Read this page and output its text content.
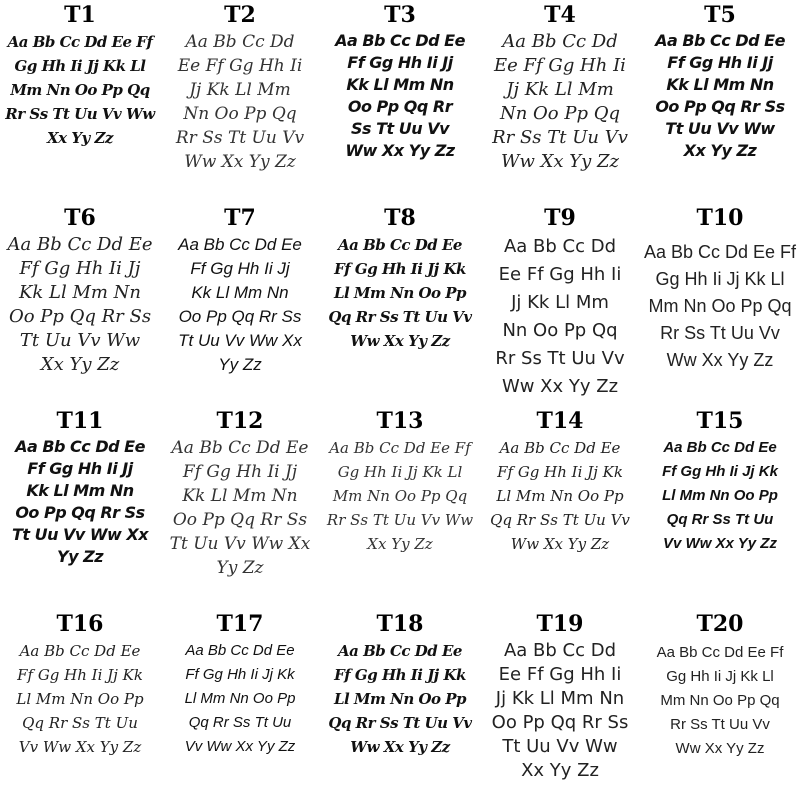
T1
Aa Bb Cc Dd Ee Ff
Gg Hh Ii Jj Kk Ll
Mm Nn Oo Pp Qq
Rr Ss Tt Uu Vv Ww
Xx Yy Zz
T2
Aa Bb Cc Dd
Ee Ff Gg Hh Ii
Jj Kk Ll Mm
Nn Oo Pp Qq
Rr Ss Tt Uu Vv
Ww Xx Yy Zz
T3
Aa Bb Cc Dd Ee
Ff Gg Hh Ii Jj
Kk Ll Mm Nn
Oo Pp Qq Rr
Ss Tt Uu Vv
Ww Xx Yy Zz
T4
Aa Bb Cc Dd
Ee Ff Gg Hh Ii
Jj Kk Ll Mm
Nn Oo Pp Qq
Rr Ss Tt Uu Vv
Ww Xx Yy Zz
T5
Aa Bb Cc Dd Ee
Ff Gg Hh Ii Jj
Kk Ll Mm Nn
Oo Pp Qq Rr Ss
Tt Uu Vv Ww
Xx Yy Zz
T6
Aa Bb Cc Dd Ee
Ff Gg Hh Ii Jj
Kk Ll Mm Nn
Oo Pp Qq Rr Ss
Tt Uu Vv Ww
Xx Yy Zz
T7
Aa Bb Cc Dd Ee
Ff Gg Hh Ii Jj
Kk Ll Mm Nn
Oo Pp Qq Rr Ss
Tt Uu Vv Ww Xx
Yy Zz
T8
Aa Bb Cc Dd Ee
Ff Gg Hh Ii Jj Kk
Ll Mm Nn Oo Pp
Qq Rr Ss Tt Uu Vv
Ww Xx Yy Zz
T9
Aa Bb Cc Dd
Ee Ff Gg Hh Ii
Jj Kk Ll Mm
Nn Oo Pp Qq
Rr Ss Tt Uu Vv
Ww Xx Yy Zz
T10
Aa Bb Cc Dd Ee Ff
Gg Hh Ii Jj Kk Ll
Mm Nn Oo Pp Qq
Rr Ss Tt Uu Vv
Ww Xx Yy Zz
T11
Aa Bb Cc Dd Ee
Ff Gg Hh Ii Jj
Kk Ll Mm Nn
Oo Pp Qq Rr Ss
Tt Uu Vv Ww Xx
Yy Zz
T12
Aa Bb Cc Dd Ee
Ff Gg Hh Ii Jj
Kk Ll Mm Nn
Oo Pp Qq Rr Ss
Tt Uu Vv Ww Xx
Yy Zz
T13
Aa Bb Cc Dd Ee Ff
Gg Hh Ii Jj Kk Ll
Mm Nn Oo Pp Qq
Rr Ss Tt Uu Vv Ww
Xx Yy Zz
T14
Aa Bb Cc Dd Ee
Ff Gg Hh Ii Jj Kk
Ll Mm Nn Oo Pp
Qq Rr Ss Tt Uu Vv
Ww Xx Yy Zz
T15
Aa Bb Cc Dd Ee
Ff Gg Hh Ii Jj Kk
Ll Mm Nn Oo Pp
Qq Rr Ss Tt Uu
Vv Ww Xx Yy Zz
T16
Aa Bb Cc Dd Ee
Ff Gg Hh Ii Jj Kk
Ll Mm Nn Oo Pp
Qq Rr Ss Tt Uu
Vv Ww Xx Yy Zz
T17
Aa Bb Cc Dd Ee
Ff Gg Hh Ii Jj Kk
Ll Mm Nn Oo Pp
Qq Rr Ss Tt Uu
Vv Ww Xx Yy Zz
T18
Aa Bb Cc Dd Ee
Ff Gg Hh Ii Jj Kk
Ll Mm Nn Oo Pp
Qq Rr Ss Tt Uu Vv
Ww Xx Yy Zz
T19
Aa Bb Cc Dd
Ee Ff Gg Hh Ii
Jj Kk Ll Mm Nn
Oo Pp Qq Rr Ss
Tt Uu Vv Ww
Xx Yy Zz
T20
Aa Bb Cc Dd Ee Ff
Gg Hh Ii Jj Kk Ll
Mm Nn Oo Pp Qq
Rr Ss Tt Uu Vv
Ww Xx Yy Zz
